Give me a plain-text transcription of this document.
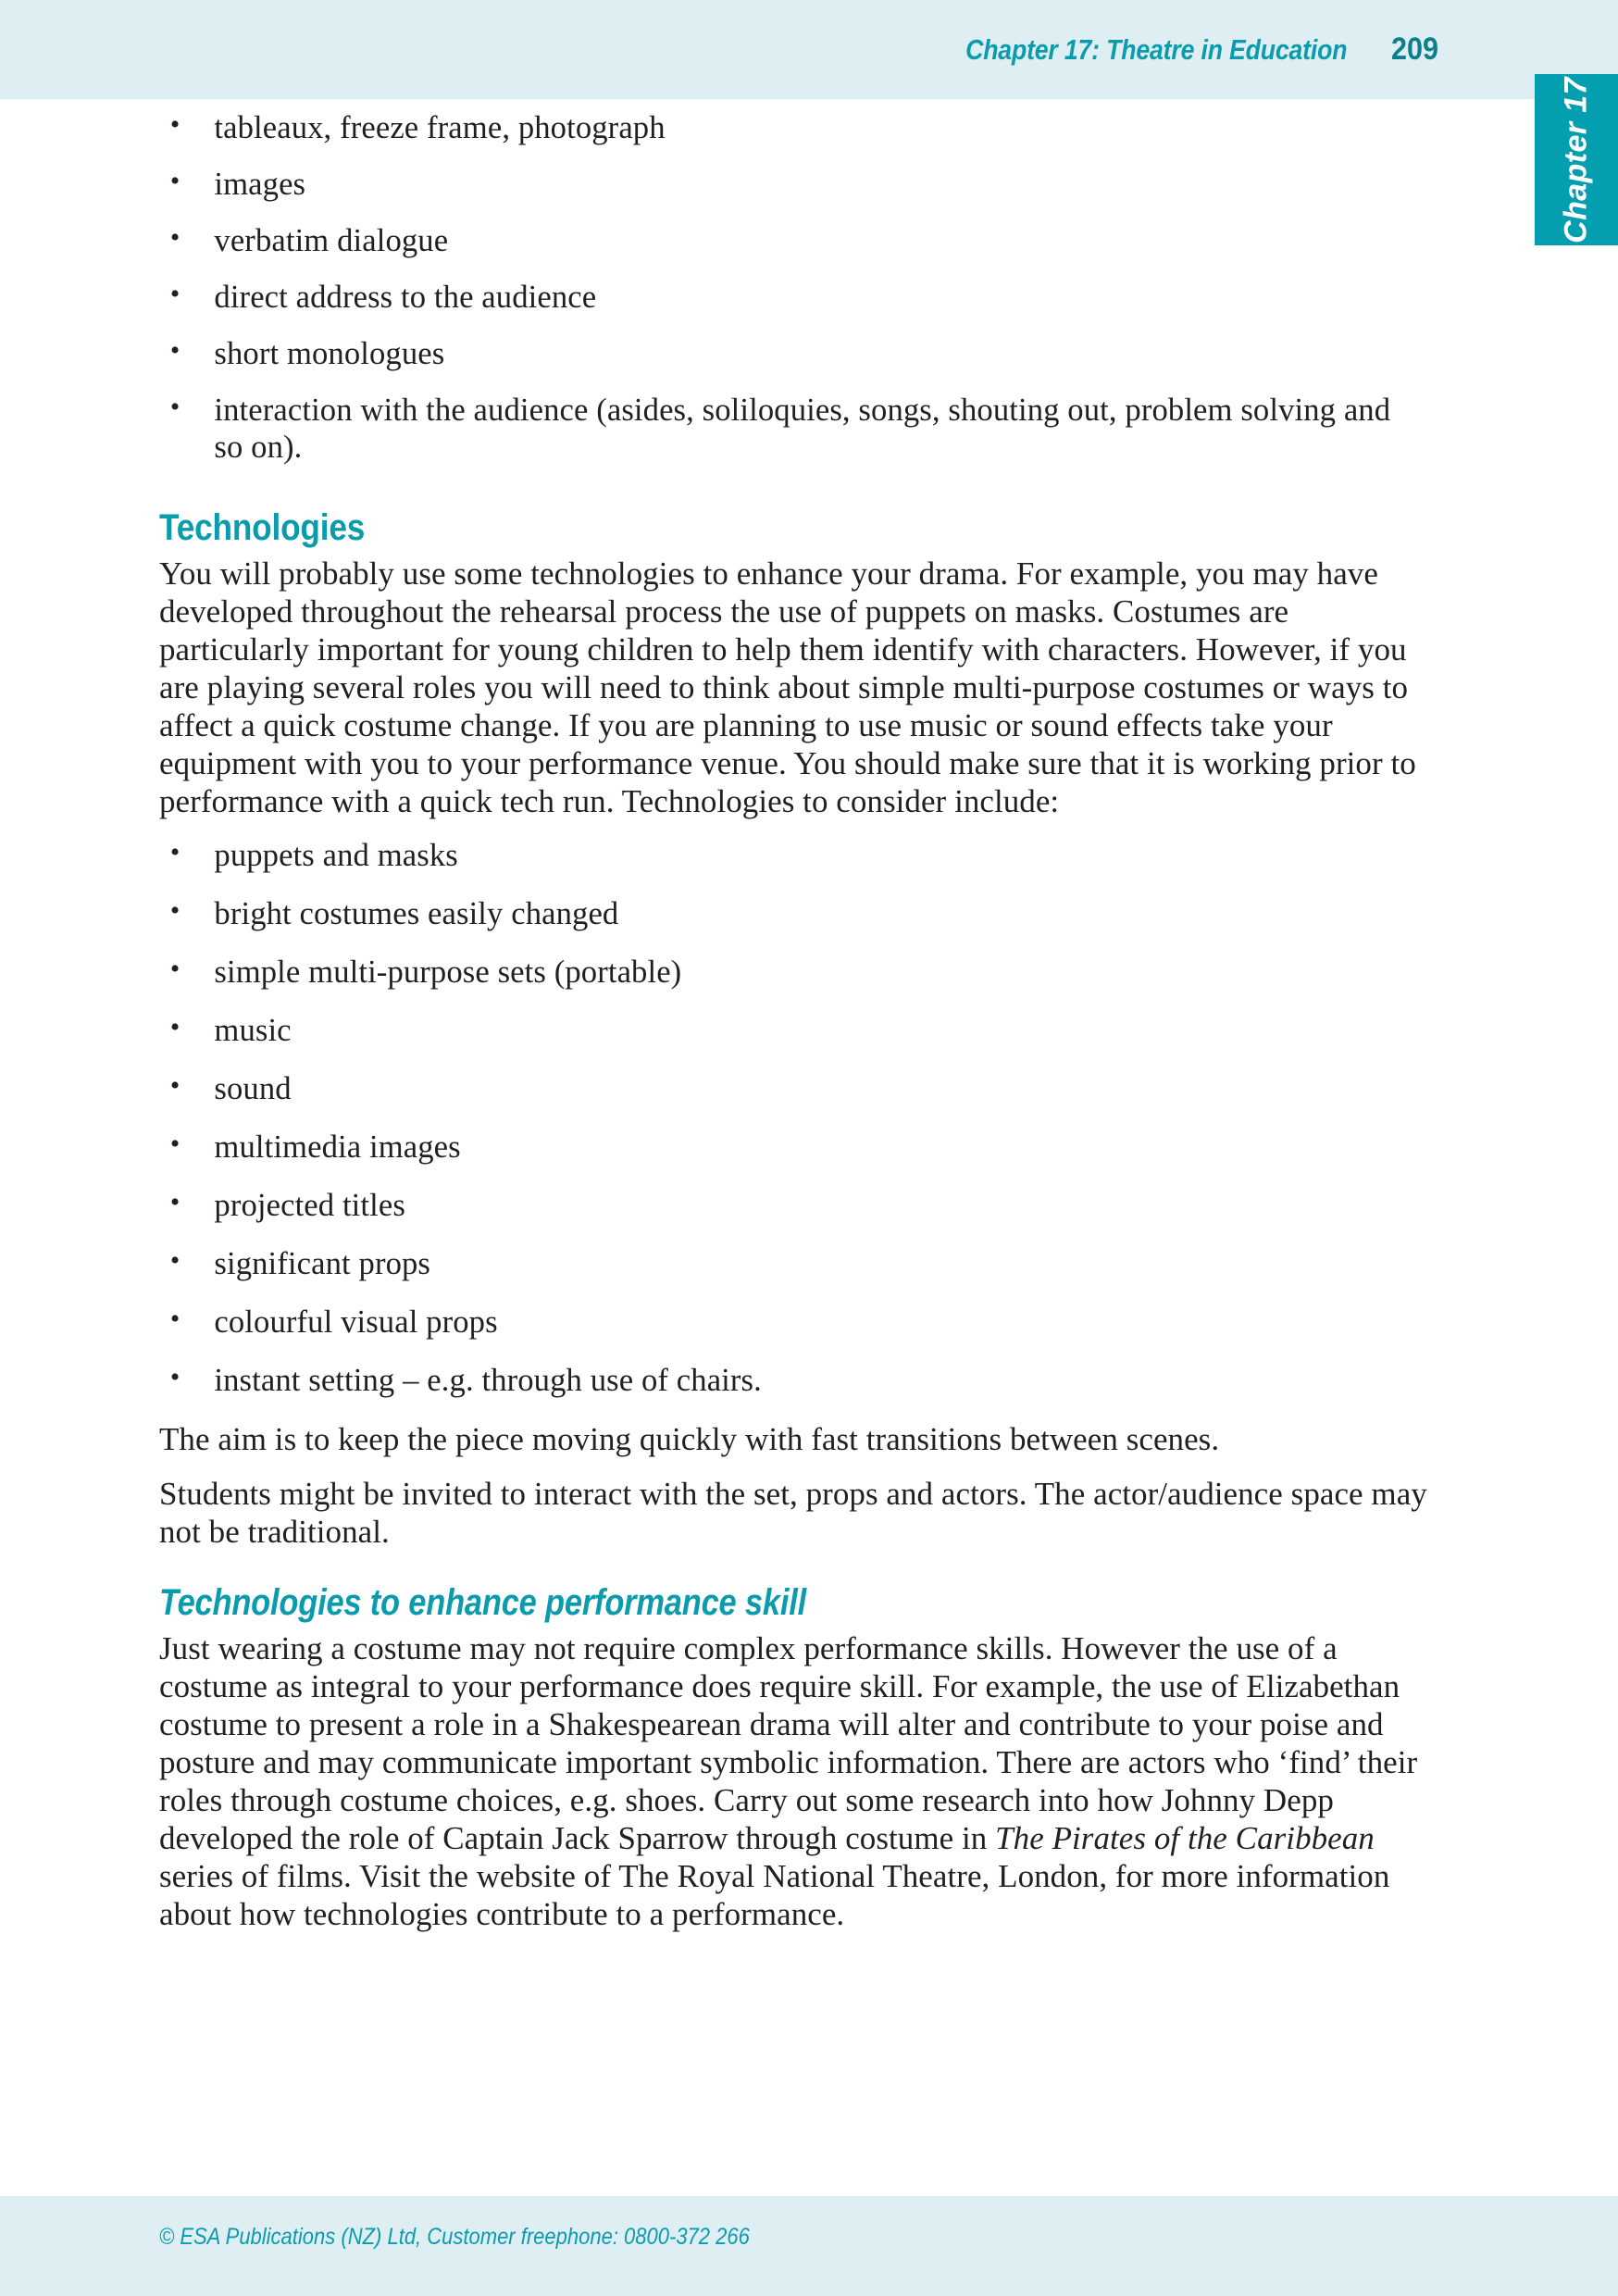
Chapter 17: Theatre in Education 209
Chapter 17
• tableaux, freeze frame, photograph
• images
• verbatim dialogue
• direct address to the audience
• short monologues
• interaction with the audience (asides, soliloquies, songs, shouting out, problem solving and so on).
Technologies

You will probably use some technologies to enhance your drama. For example, you may have developed throughout the rehearsal process the use of puppets on masks. Costumes are particularly important for young children to help them identify with characters. However, if you are playing several roles you will need to think about simple multi-purpose costumes or ways to affect a quick costume change. If you are planning to use music or sound effects take your equipment with you to your performance venue. You should make sure that it is working prior to performance with a quick tech run. Technologies to consider include:

• puppets and masks
• bright costumes easily changed
• simple multi-purpose sets (portable)
• music
• sound
• multimedia images
• projected titles
• significant props
• colourful visual props
• instant setting – e.g. through use of chairs.

The aim is to keep the piece moving quickly with fast transitions between scenes.

Students might be invited to interact with the set, props and actors. The actor/audience space may not be traditional.

Technologies to enhance performance skill

Just wearing a costume may not require complex performance skills. However the use of a costume as integral to your performance does require skill. For example, the use of Elizabethan costume to present a role in a Shakespearean drama will alter and contribute to your poise and posture and may communicate important symbolic information. There are actors who ‘find’ their roles through costume choices, e.g. shoes. Carry out some research into how Johnny Depp developed the role of Captain Jack Sparrow through costume in The Pirates of the Caribbean series of films. Visit the website of The Royal National Theatre, London, for more information about how technologies contribute to a performance.

© ESA Publications (NZ) Ltd, Customer freephone: 0800-372 266
